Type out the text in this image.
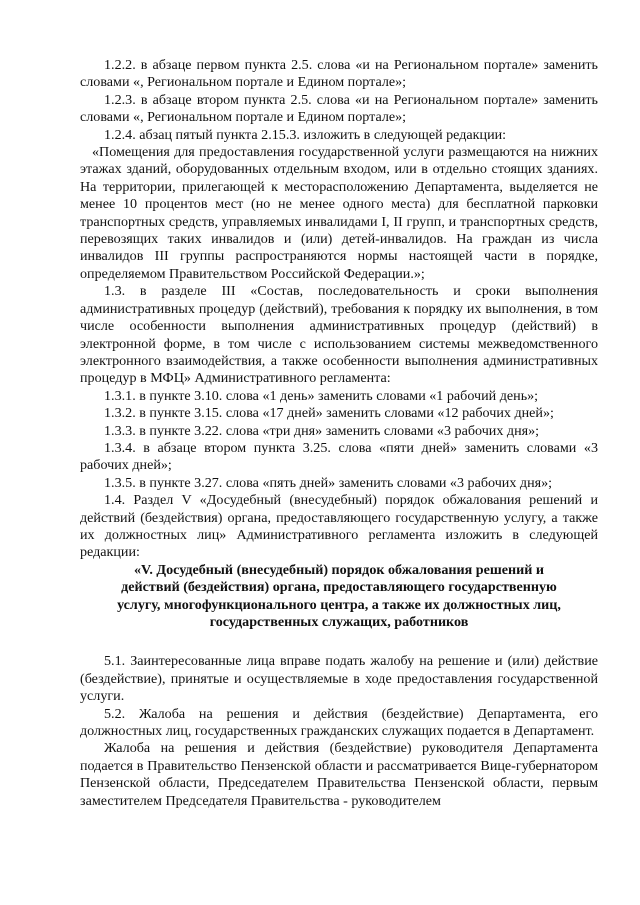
1.2.2. в абзаце первом пункта 2.5. слова «и на Региональном портале» заменить словами «, Региональном портале и Едином портале»;

1.2.3. в абзаце втором пункта 2.5. слова «и на Региональном портале» заменить словами «, Региональном портале и Едином портале»;

1.2.4. абзац пятый пункта 2.15.3. изложить в следующей редакции:

«Помещения для предоставления государственной услуги размещаются на нижних этажах зданий, оборудованных отдельным входом, или в отдельно стоящих зданиях. На территории, прилегающей к месторасположению Департамента, выделяется не менее 10 процентов мест (но не менее одного места) для бесплатной парковки транспортных средств, управляемых инвалидами I, II групп, и транспортных средств, перевозящих таких инвалидов и (или) детей-инвалидов. На граждан из числа инвалидов III группы распространяются нормы настоящей части в порядке, определяемом Правительством Российской Федерации.»;

1.3. в разделе III «Состав, последовательность и сроки выполнения административных процедур (действий), требования к порядку их выполнения, в том числе особенности выполнения административных процедур (действий) в электронной форме, в том числе с использованием системы межведомственного электронного взаимодействия, а также особенности выполнения административных процедур в МФЦ» Административного регламента:

1.3.1. в пункте 3.10. слова «1 день» заменить словами «1 рабочий день»;

1.3.2. в пункте 3.15. слова «17 дней» заменить словами «12 рабочих дней»;

1.3.3. в пункте 3.22. слова «три дня» заменить словами «3 рабочих дня»;

1.3.4. в абзаце втором пункта 3.25. слова «пяти дней» заменить словами «3 рабочих дней»;

1.3.5. в пункте 3.27. слова «пять дней» заменить словами «3 рабочих дня»;

1.4. Раздел V «Досудебный (внесудебный) порядок обжалования решений и действий (бездействия) органа, предоставляющего государственную услугу, а также их должностных лиц» Административного регламента изложить в следующей редакции:

«V. Досудебный (внесудебный) порядок обжалования решений и

действий (бездействия) органа, предоставляющего государственную

услугу, многофункционального центра, а также их должностных лиц,

государственных служащих, работников

5.1. Заинтересованные лица вправе подать жалобу на решение и (или) действие (бездействие), принятые и осуществляемые в ходе предоставления государственной услуги.

5.2. Жалоба на решения и действия (бездействие) Департамента, его должностных лиц, государственных гражданских служащих подается в Департамент.

Жалоба на решения и действия (бездействие) руководителя Департамента подается в Правительство Пензенской области и рассматривается Вице-губернатором Пензенской области, Председателем Правительства Пензенской области, первым заместителем Председателя Правительства - руководителем
